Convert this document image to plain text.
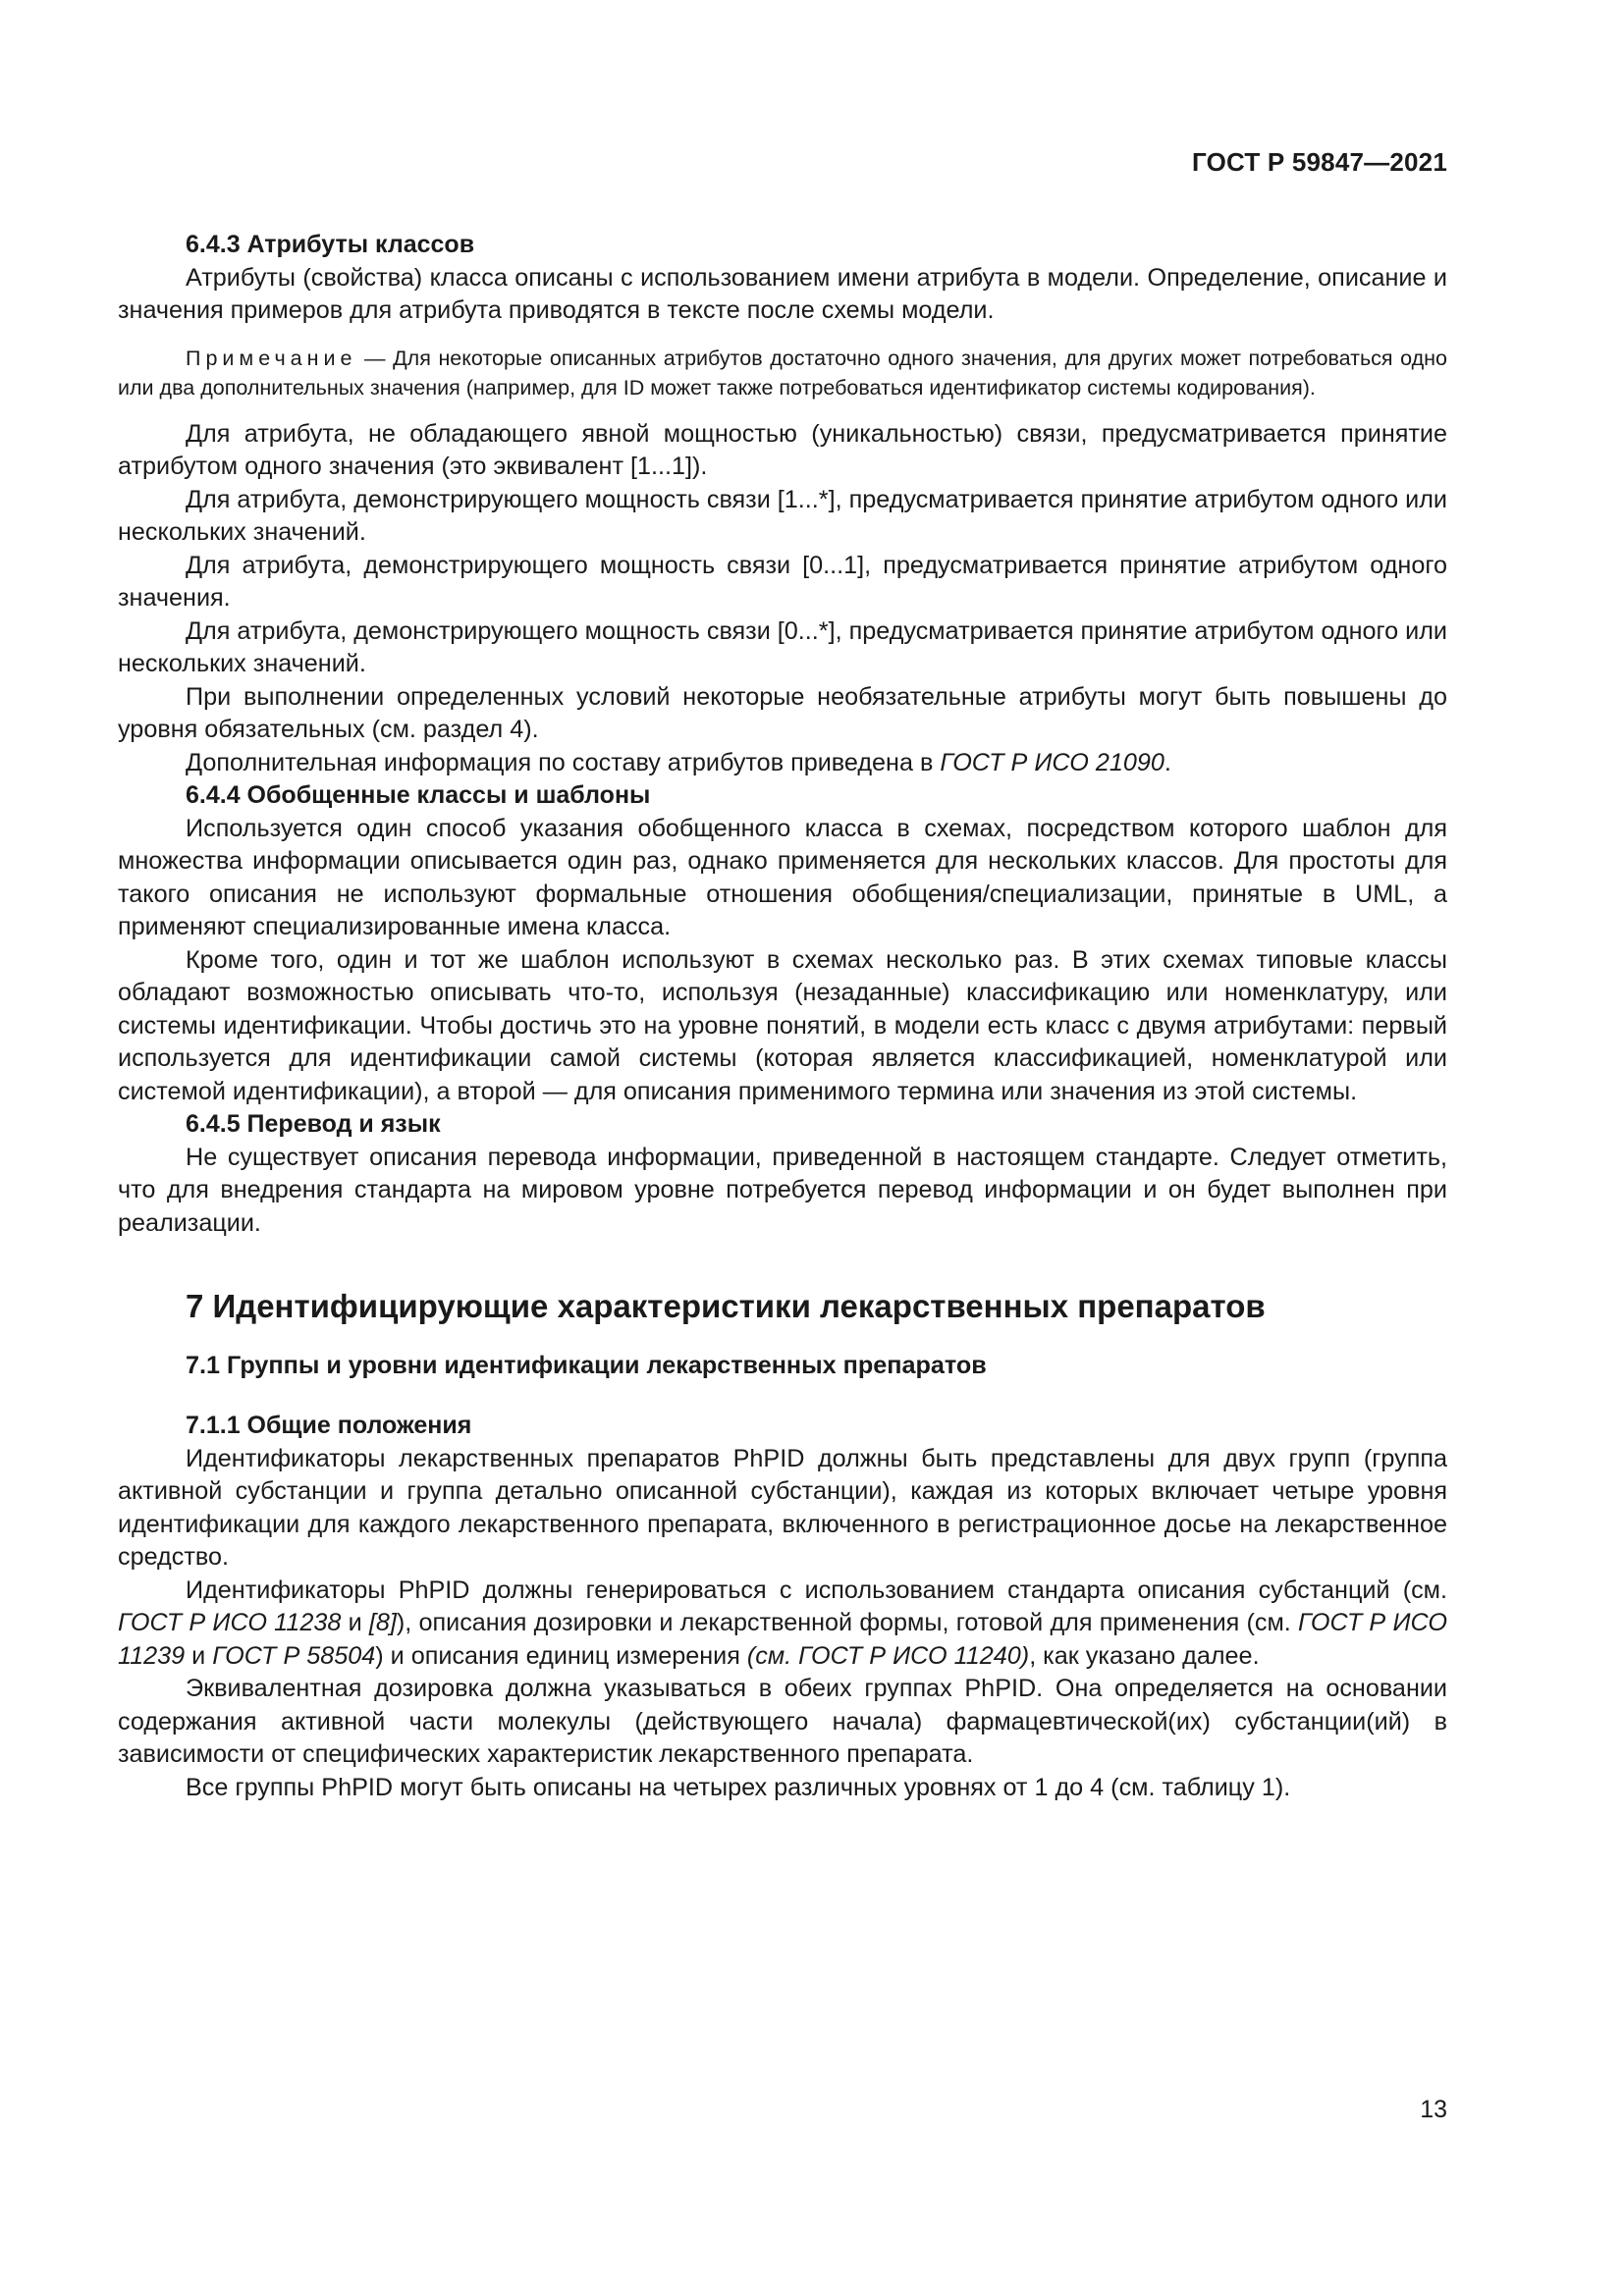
ГОСТ Р 59847—2021
6.4.3 Атрибуты классов

Атрибуты (свойства) класса описаны с использованием имени атрибута в модели. Определение, описание и значения примеров для атрибута приводятся в тексте после схемы модели.

Примечание — Для некоторые описанных атрибутов достаточно одного значения, для других может потребоваться одно или два дополнительных значения (например, для ID может также потребоваться идентификатор системы кодирования).

Для атрибута, не обладающего явной мощностью (уникальностью) связи, предусматривается принятие атрибутом одного значения (это эквивалент [1...1]).

Для атрибута, демонстрирующего мощность связи [1...*], предусматривается принятие атрибутом одного или нескольких значений.

Для атрибута, демонстрирующего мощность связи [0...1], предусматривается принятие атрибутом одного значения.

Для атрибута, демонстрирующего мощность связи [0...*], предусматривается принятие атрибутом одного или нескольких значений.

При выполнении определенных условий некоторые необязательные атрибуты могут быть повышены до уровня обязательных (см. раздел 4).

Дополнительная информация по составу атрибутов приведена в ГОСТ Р ИСО 21090.

6.4.4 Обобщенные классы и шаблоны

Используется один способ указания обобщенного класса в схемах, посредством которого шаблон для множества информации описывается один раз, однако применяется для нескольких классов. Для простоты для такого описания не используют формальные отношения обобщения/специализации, принятые в UML, а применяют специализированные имена класса.

Кроме того, один и тот же шаблон используют в схемах несколько раз. В этих схемах типовые классы обладают возможностью описывать что-то, используя (незаданные) классификацию или номенклатуру, или системы идентификации. Чтобы достичь это на уровне понятий, в модели есть класс с двумя атрибутами: первый используется для идентификации самой системы (которая является классификацией, номенклатурой или системой идентификации), а второй — для описания применимого термина или значения из этой системы.

6.4.5 Перевод и язык

Не существует описания перевода информации, приведенной в настоящем стандарте. Следует отметить, что для внедрения стандарта на мировом уровне потребуется перевод информации и он будет выполнен при реализации.

7 Идентифицирующие характеристики лекарственных препаратов
7.1 Группы и уровни идентификации лекарственных препаратов
7.1.1 Общие положения

Идентификаторы лекарственных препаратов PhPID должны быть представлены для двух групп (группа активной субстанции и группа детально описанной субстанции), каждая из которых включает четыре уровня идентификации для каждого лекарственного препарата, включенного в регистрационное досье на лекарственное средство.

Идентификаторы PhPID должны генерироваться с использованием стандарта описания субстанций (см. ГОСТ Р ИСО 11238 и [8]), описания дозировки и лекарственной формы, готовой для применения (см. ГОСТ Р ИСО 11239 и ГОСТ Р 58504) и описания единиц измерения (см. ГОСТ Р ИСО 11240), как указано далее.

Эквивалентная дозировка должна указываться в обеих группах PhPID. Она определяется на основании содержания активной части молекулы (действующего начала) фармацевтической(их) субстанции(ий) в зависимости от специфических характеристик лекарственного препарата.

Все группы PhPID могут быть описаны на четырех различных уровнях от 1 до 4 (см. таблицу 1).

13
